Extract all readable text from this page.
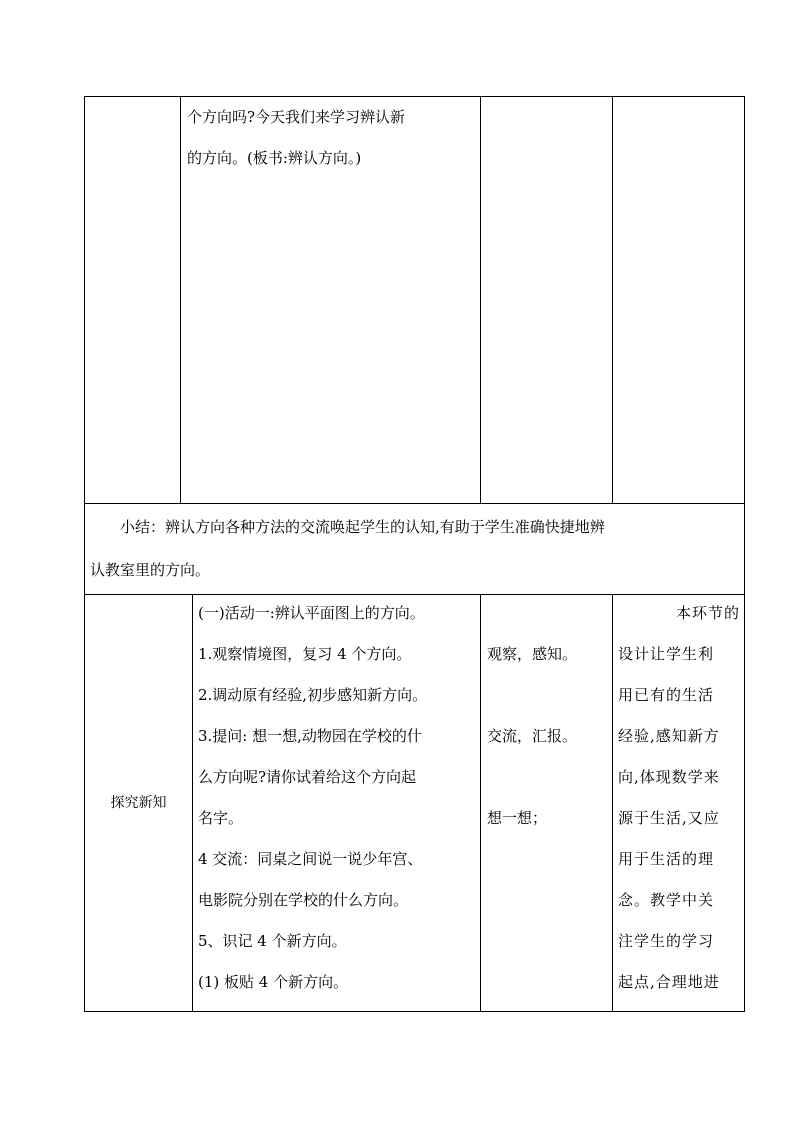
个方向吗?今天我们来学习辨认新

的方向。(板书:辨认方向。)

小结：辨认方向各种方法的交流唤起学生的认知,有助于学生准确快捷地辨

认教室里的方向。

探究新知

(一)活动一:辨认平面图上的方向。

1.观察情境图，复习 4 个方向。

2.调动原有经验,初步感知新方向。

3.提问: 想一想,动物园在学校的什

么方向呢?请你试着给这个方向起

名字。

4 交流：同桌之间说一说少年宫、

电影院分别在学校的什么方向。

5、识记 4 个新方向。

(1) 板贴 4 个新方向。

观察，感知。

交流，汇报。

想一想；

本环节的

设计让学生利

用已有的生活

经验,感知新方

向,体现数学来

源于生活,又应

用于生活的理

念。教学中关

注学生的学习

起点,合理地进
